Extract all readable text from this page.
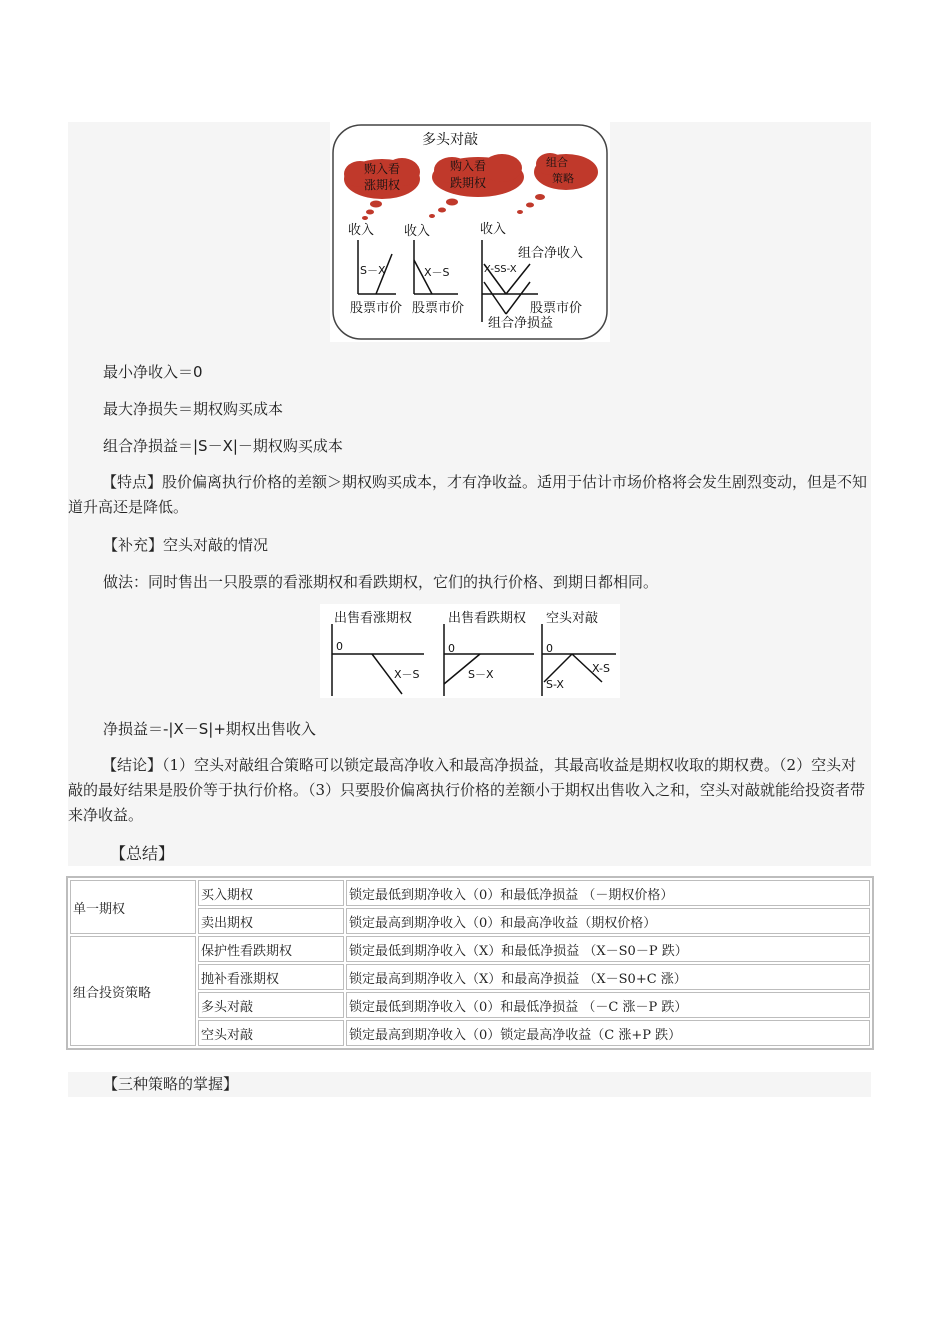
多头对敲
购入看
涨期权
购入看
跌期权
组合
策略
收入 收入	收入
S－X	X－S	X-SS-X
组合净收入
股票市价
组合净损益
股票市价 股票市价
最小净收入＝0
最大净损失＝期权购买成本
组合净损益＝|S－X|－期权购买成本
【特点】股价偏离执行价格的差额＞期权购买成本，才有净收益。适用于估计市场价格将会发生剧烈变动，但是不知道升高还是降低。
【补充】空头对敲的情况
做法：同时售出一只股票的看涨期权和看跌期权，它们的执行价格、到期日都相同。
出售看涨期权
0
X－S
出售看跌期权
0
S－X
空头对敲
0
S-X
X-S
净损益＝-|X－S|+期权出售收入
【结论】（1）空头对敲组合策略可以锁定最高净收入和最高净损益，其最高收益是期权收取的期权费。（2）空头对敲的最好结果是股价等于执行价格。（3）只要股价偏离执行价格的差额小于期权出售收入之和，空头对敲就能给投资者带来净收益。
【总结】
单一期权	买入期权	锁定最低到期净收入（0）和最低净损益 （－期权价格）
	卖出期权	锁定最高到期净收入（0）和最高净收益（期权价格）
组合投资策略	保护性看跌期权	锁定最低到期净收入（X）和最低净损益 （X－S0－P 跌）
	抛补看涨期权	锁定最高到期净收入（X）和最高净损益 （X－S0+C 涨）
	多头对敲	锁定最低到期净收入（0）和最低净损益 （－C 涨－P 跌）
	空头对敲	锁定最高到期净收入（0）锁定最高净收益（C 涨+P 跌）
【三种策略的掌握】
